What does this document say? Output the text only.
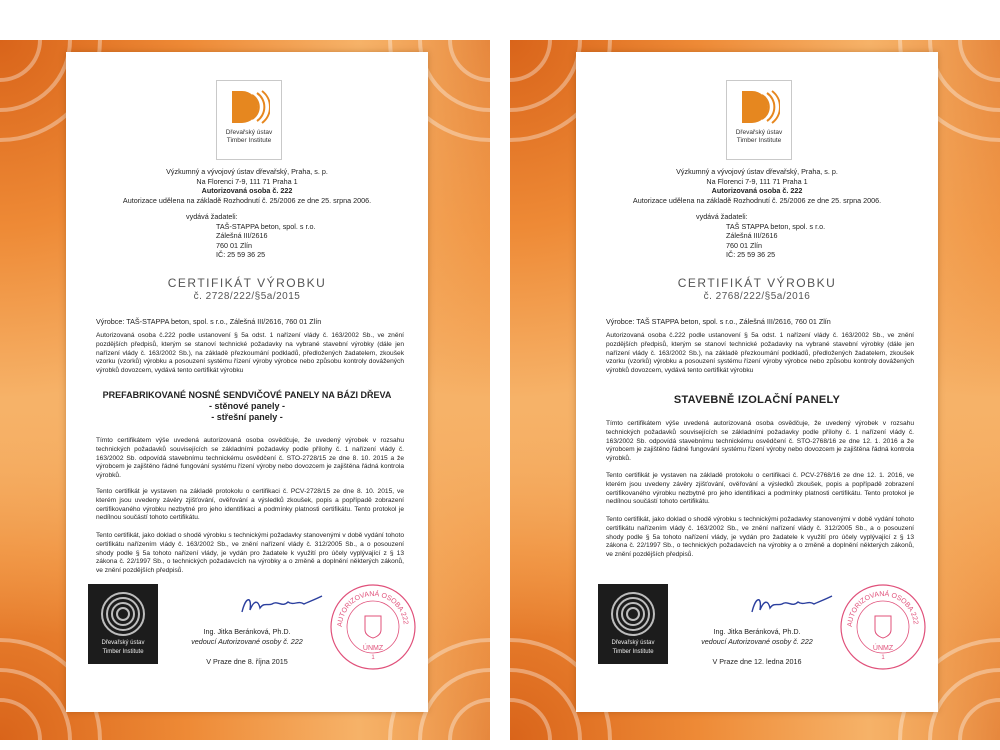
Dřevařský ústav
Timber Institute
Výzkumný a vývojový ústav dřevařský, Praha, s. p.
Na Florenci 7-9, 111 71 Praha 1
Autorizovaná osoba č. 222
Autorizace udělena na základě Rozhodnutí č. 25/2006 ze dne 25. srpna 2006.
vydává žadateli:
TAŠ-STAPPA beton, spol. s r.o.
Zálešná III/2616
760 01 Zlín
IČ: 25 59 36 25
CERTIFIKÁT VÝROBKU
č. 2728/222/§5a/2015
Výrobce: TAŠ-STAPPA beton, spol. s r.o., Zálešná III/2616, 760 01 Zlín
Autorizovaná osoba č.222 podle ustanovení § 5a odst. 1 nařízení vlády č. 163/2002 Sb., ve znění pozdějších předpisů, kterým se stanoví technické požadavky na vybrané stavební výrobky (dále jen nařízení vlády č. 163/2002 Sb.), na základě přezkoumání podkladů, předložených žadatelem, zkoušek vzorku (vzorků) výrobku a posouzení systému řízení výroby výrobce nebo způsobu kontroly dovážených výrobků dovozcem, vydává tento certifikát výrobku
PREFABRIKOVANÉ NOSNÉ SENDVIČOVÉ PANELY NA BÁZI DŘEVA
- stěnové panely -
- střešní panely -
Tímto certifikátem výše uvedená autorizovaná osoba osvědčuje, že uvedený výrobek v rozsahu technických požadavků souvisejících se základními požadavky podle přílohy č. 1 nařízení vlády č. 163/2002 Sb. odpovídá stavebnímu technickému osvědčení č. STO-2728/15 ze dne 8. 10. 2015 a že výrobcem je zajištěno řádné fungování systému řízení výroby nebo dovozcem je zajištěna řádná kontrola výrobků.
Tento certifikát je vystaven na základě protokolu o certifikaci č. PCV-2728/15 ze dne 8. 10. 2015, ve kterém jsou uvedeny závěry zjišťování, ověřování a výsledků zkoušek, popis a popřípadě zobrazení certifikovaného výrobku nezbytné pro jeho identifikaci a podmínky platnosti certifikátu. Tento protokol je nedílnou součástí tohoto certifikátu.
Tento certifikát, jako doklad o shodě výrobku s technickými požadavky stanovenými v době vydání tohoto certifikátu nařízením vlády č. 163/2002 Sb., ve znění nařízení vlády č. 312/2005 Sb., a o posouzení shody podle § 5a tohoto nařízení vlády, je vydán pro žadatele k využití pro účely vyplývající z § 13 zákona č. 22/1997 Sb., o technických požadavcích na výrobky a o změně a doplnění některých zákonů, ve znění pozdějších předpisů.
Dřevařský ústav
Timber Institute
Ing. Jitka Beránková, Ph.D.
vedoucí Autorizované osoby č. 222
V Praze dne 8. října 2015
AUTORIZOVANÁ OSOBA 222
ÚNMZ
1
Dřevařský ústav
Timber Institute
Výzkumný a vývojový ústav dřevařský, Praha, s. p.
Na Florenci 7-9, 111 71 Praha 1
Autorizovaná osoba č. 222
Autorizace udělena na základě Rozhodnutí č. 25/2006 ze dne 25. srpna 2006.
vydává žadateli:
TAŠ STAPPA beton, spol. s r.o.
Zálešná III/2616
760 01 Zlín
IČ: 25 59 36 25
CERTIFIKÁT VÝROBKU
č. 2768/222/§5a/2016
Výrobce: TAŠ STAPPA beton, spol. s r.o., Zálešná III/2616, 760 01 Zlín
Autorizovaná osoba č.222 podle ustanovení § 5a odst. 1 nařízení vlády č. 163/2002 Sb., ve znění pozdějších předpisů, kterým se stanoví technické požadavky na vybrané stavební výrobky (dále jen nařízení vlády č. 163/2002 Sb.), na základě přezkoumání podkladů, předložených žadatelem, zkoušek vzorku (vzorků) výrobku a posouzení systému řízení výroby výrobce nebo způsobu kontroly dovážených výrobků dovozcem, vydává tento certifikát výrobku
STAVEBNĚ IZOLAČNÍ PANELY
Tímto certifikátem výše uvedená autorizovaná osoba osvědčuje, že uvedený výrobek v rozsahu technických požadavků souvisejících se základními požadavky podle přílohy č. 1 nařízení vlády č. 163/2002 Sb. odpovídá stavebnímu technickému osvědčení č. STO-2768/16 ze dne 12. 1. 2016 a že výrobcem je zajištěno řádné fungování systému řízení výroby nebo dovozcem je zajištěna řádná kontrola výrobků.
Tento certifikát je vystaven na základě protokolu o certifikaci č. PCV-2768/16 ze dne 12. 1. 2016, ve kterém jsou uvedeny závěry zjišťování, ověřování a výsledků zkoušek, popis a popřípadě zobrazení certifikovaného výrobku nezbytné pro jeho identifikaci a podmínky platnosti certifikátu. Tento protokol je nedílnou součástí tohoto certifikátu.
Tento certifikát, jako doklad o shodě výrobku s technickými požadavky stanovenými v době vydání tohoto certifikátu nařízením vlády č. 163/2002 Sb., ve znění nařízení vlády č. 312/2005 Sb., a o posouzení shody podle § 5a tohoto nařízení vlády, je vydán pro žadatele k využití pro účely vyplývající z § 13 zákona č. 22/1997 Sb., o technických požadavcích na výrobky a o změně a doplnění některých zákonů, ve znění pozdějších předpisů.
Dřevařský ústav
Timber Institute
Ing. Jitka Beránková, Ph.D.
vedoucí Autorizované osoby č. 222
V Praze dne 12. ledna 2016
AUTORIZOVANÁ OSOBA 222
ÚNMZ
1
